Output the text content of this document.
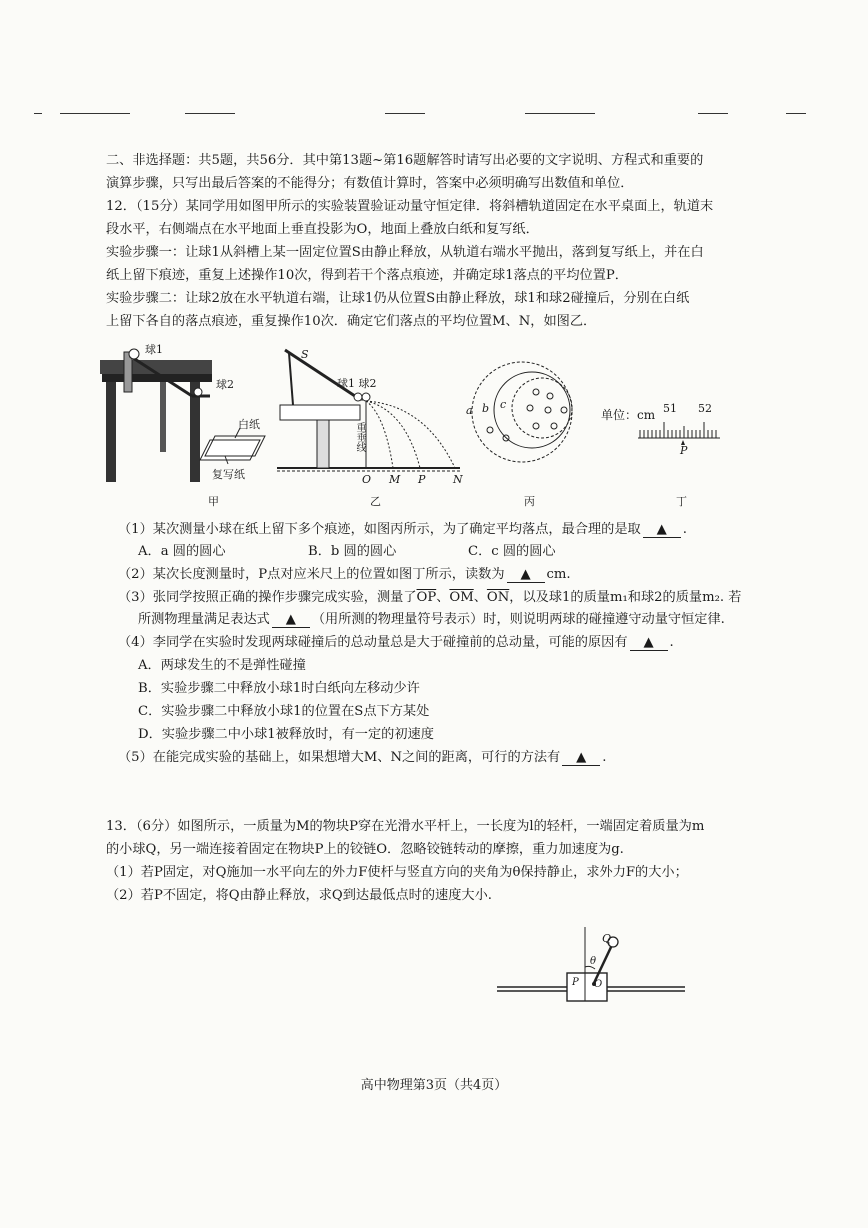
二、非选择题：共5题，共56分．其中第13题~第16题解答时请写出必要的文字说明、方程式和重要的
演算步骤，只写出最后答案的不能得分；有数值计算时，答案中必须明确写出数值和单位．
12．（15分）某同学用如图甲所示的实验装置验证动量守恒定律．将斜槽轨道固定在水平桌面上，轨道末
段水平，右侧端点在水平地面上垂直投影为O，地面上叠放白纸和复写纸．
实验步骤一：让球1从斜槽上某一固定位置S由静止释放，从轨道右端水平抛出，落到复写纸上，并在白
纸上留下痕迹，重复上述操作10次，得到若干个落点痕迹，并确定球1落点的平均位置P．
实验步骤二：让球2放在水平轨道右端，让球1仍从位置S由静止释放，球1和球2碰撞后，分别在白纸
上留下各自的落点痕迹，重复操作10次．确定它们落点的平均位置M、N，如图乙．
球1
球2
白纸
复写纸
甲
S
球1 球2
重垂线
O M P	N
乙
a b c
丙
单位：cm 51 52
P
丁
（1）某次测量小球在纸上留下多个痕迹，如图丙所示，为了确定平均落点，最合理的是取 ▲ .
A．a 圆的圆心	B．b 圆的圆心	C．c 圆的圆心
（2）某次长度测量时，P点对应米尺上的位置如图丁所示，读数为 ▲ cm.
（3）张同学按照正确的操作步骤完成实验，测量了$\overline{OP}$、$\overline{OM}$、$\overline{ON}$，以及球1的质量m₁和球2的质量m₂. 若
所测物理量满足表达式 ▲ （用所测的物理量符号表示）时，则说明两球的碰撞遵守动量守恒定律.
（4）李同学在实验时发现两球碰撞后的总动量总是大于碰撞前的总动量，可能的原因有 ▲ .
A．两球发生的不是弹性碰撞
B．实验步骤二中释放小球1时白纸向左移动少许
C．实验步骤二中释放小球1的位置在S点下方某处
D．实验步骤二中小球1被释放时，有一定的初速度
（5）在能完成实验的基础上，如果想增大M、N之间的距离，可行的方法有 ▲ .
13．（6分）如图所示，一质量为M的物块P穿在光滑水平杆上，一长度为l的轻杆，一端固定着质量为m
的小球Q，另一端连接着固定在物块P上的铰链O．忽略铰链转动的摩擦，重力加速度为g.
（1）若P固定，对Q施加一水平向左的外力F使杆与竖直方向的夹角为θ保持静止，求外力F的大小；
（2）若P不固定，将Q由静止释放，求Q到达最低点时的速度大小.
Q
θ
P O
高中物理第3页（共4页）
